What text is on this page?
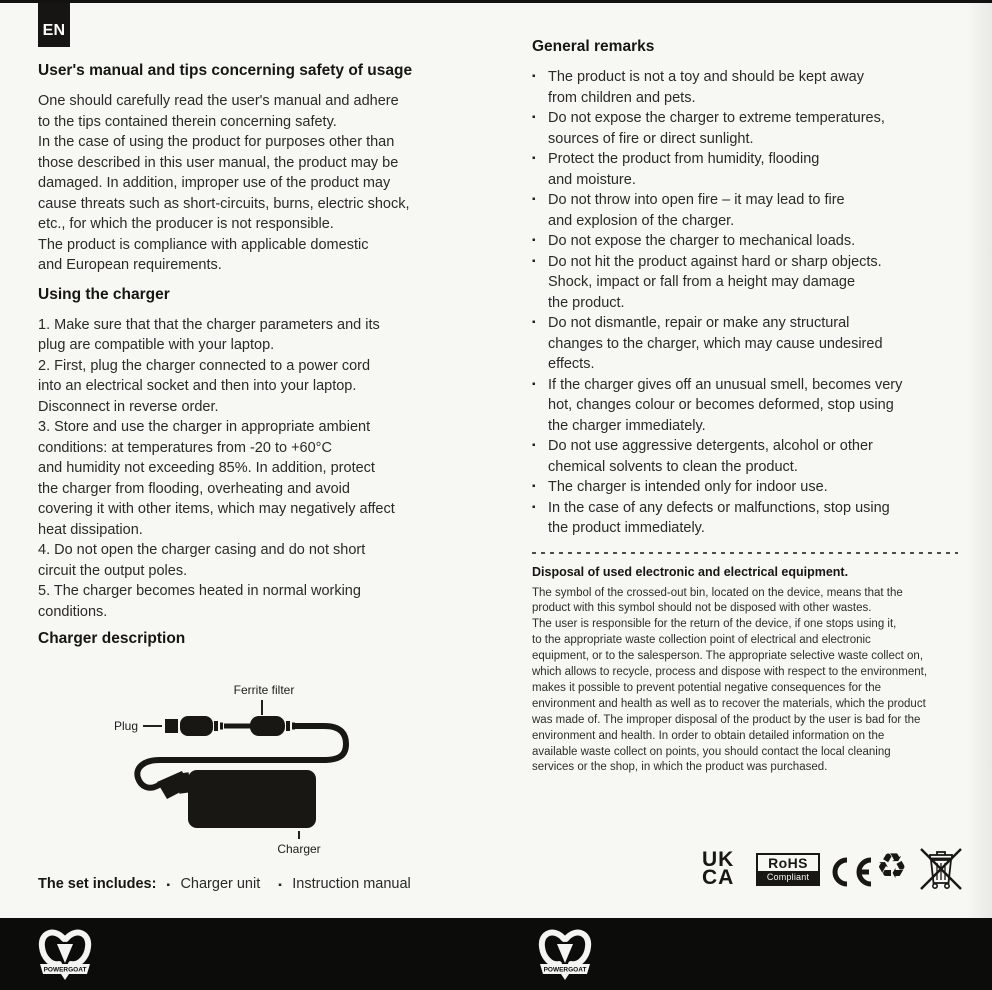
EN
User's manual and tips concerning safety of usage
One should carefully read the user's manual and adhere
to the tips contained therein concerning safety.
In the case of using the product for purposes other than
those described in this user manual, the product may be
damaged. In addition, improper use of the product may
cause threats such as short-circuits, burns, electric shock,
etc., for which the producer is not responsible.
The product is compliance with applicable domestic
and European requirements.
Using the charger
1. Make sure that that the charger parameters and its
plug are compatible with your laptop.
2. First, plug the charger connected to a power cord
into an electrical socket and then into your laptop.
Disconnect in reverse order.
3. Store and use the charger in appropriate ambient
conditions: at temperatures from -20 to +60°C
and humidity not exceeding 85%. In addition, protect
the charger from flooding, overheating and avoid
covering it with other items, which may negatively affect
heat dissipation.
4. Do not open the charger casing and do not short
circuit the output poles.
5. The charger becomes heated in normal working
conditions.
Charger description
Ferrite filter
Plug
Charger
The set includes: ▪ Charger unit ▪ Instruction manual
General remarks
▪ The product is not a toy and should be kept away
from children and pets.
▪ Do not expose the charger to extreme temperatures,
sources of fire or direct sunlight.
▪ Protect the product from humidity, flooding
and moisture.
▪ Do not throw into open fire – it may lead to fire
and explosion of the charger.
▪ Do not expose the charger to mechanical loads.
▪ Do not hit the product against hard or sharp objects.
Shock, impact or fall from a height may damage
the product.
▪ Do not dismantle, repair or make any structural
changes to the charger, which may cause undesired
effects.
▪ If the charger gives off an unusual smell, becomes very
hot, changes colour or becomes deformed, stop using
the charger immediately.
▪ Do not use aggressive detergents, alcohol or other
chemical solvents to clean the product.
▪ The charger is intended only for indoor use.
▪ In the case of any defects or malfunctions, stop using
the product immediately.
Disposal of used electronic and electrical equipment.
The symbol of the crossed-out bin, located on the device, means that the
product with this symbol should not be disposed with other wastes.
The user is responsible for the return of the device, if one stops using it,
to the appropriate waste collection point of electrical and electronic
equipment, or to the salesperson. The appropriate selective waste collect on,
which allows to recycle, process and dispose with respect to the environment,
makes it possible to prevent potential negative consequences for the
environment and health as well as to recover the materials, which the product
was made of. The improper disposal of the product by the user is bad for the
environment and health. In order to obtain detailed information on the
available waste collect on points, you should contact the local cleaning
services or the shop, in which the product was purchased.
UK
CA
RoHS
Compliant ♻
POWERGOAT	POWERGOAT
